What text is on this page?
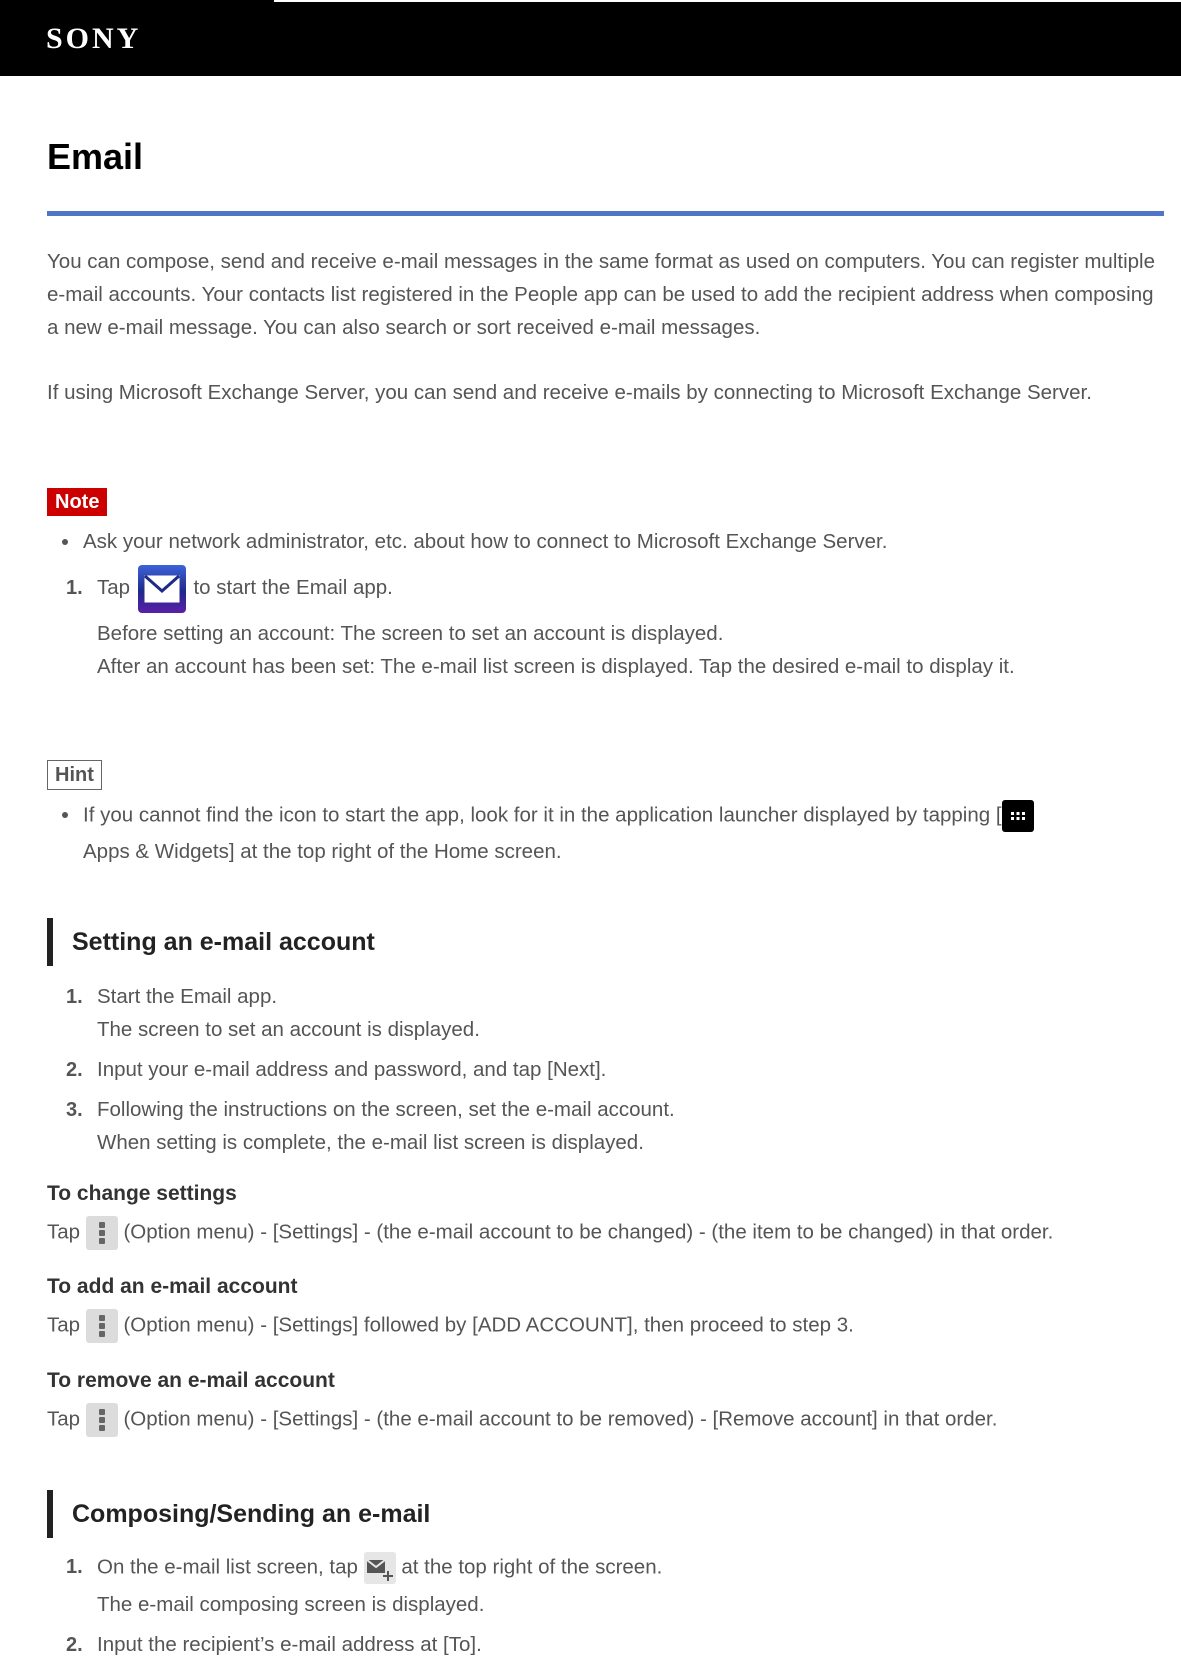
SONY
Email

You can compose, send and receive e-mail messages in the same format as used on computers. You can register multiple e-mail accounts. Your contacts list registered in the People app can be used to add the recipient address when composing a new e-mail message. You can also search or sort received e-mail messages.

If using Microsoft Exchange Server, you can send and receive e-mails by connecting to Microsoft Exchange Server.

Note

Ask your network administrator, etc. about how to connect to Microsoft Exchange Server.

1. Tap	to start the Email app.

Before setting an account: The screen to set an account is displayed.

After an account has been set: The e-mail list screen is displayed. Tap the desired e-mail to display it.

Hint

If you cannot find the icon to start the app, look for it in the application launcher displayed by tapping [

Apps & Widgets] at the top right of the Home screen.

Setting an e-mail account
1. Start the Email app.

The screen to set an account is displayed.

2. Input your e-mail address and password, and tap [Next].

3. Following the instructions on the screen, set the e-mail account.

When setting is complete, the e-mail list screen is displayed.

To change settings

Tap (Option menu) - [Settings] - (the e-mail account to be changed) - (the item to be changed) in that order.

To add an e-mail account

Tap (Option menu) - [Settings] followed by [ADD ACCOUNT], then proceed to step 3.

To remove an e-mail account

Tap (Option menu) - [Settings] - (the e-mail account to be removed) - [Remove account] in that order.

Composing/Sending an e-mail
1. On the e-mail list screen, tap at the top right of the screen.

The e-mail composing screen is displayed.

2. Input the recipient’s e-mail address at [To].
